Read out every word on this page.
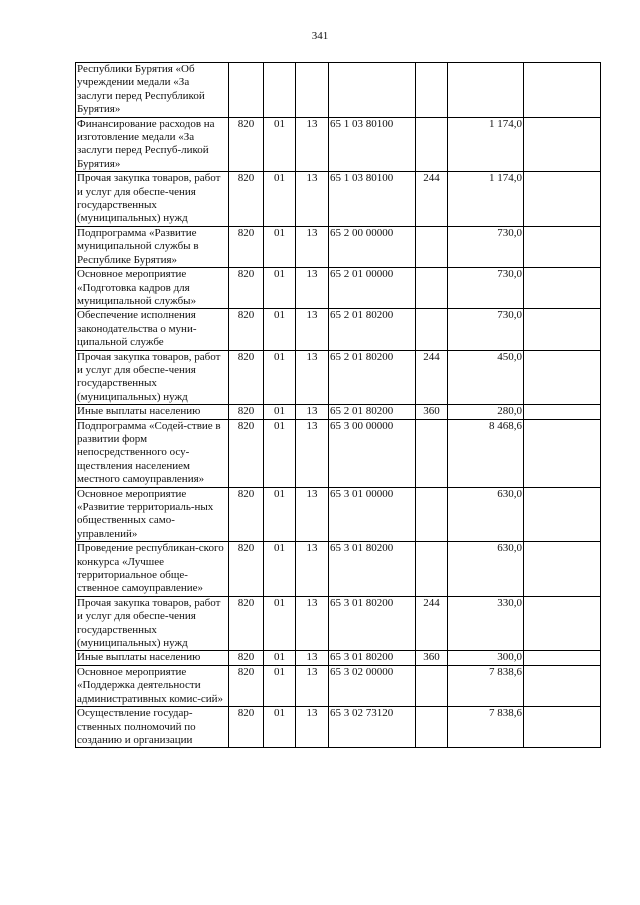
341
Республики Бурятия «Об учреждении медали «За заслуги перед Республикой Бурятия»							
Финансирование расходов на изготовление медали «За заслуги перед Респуб-ликой Бурятия»	820	01	13	65 1 03 80100		1 174,0	
Прочая закупка товаров, работ и услуг для обеспе-чения государственных (муниципальных) нужд	820	01	13	65 1 03 80100	244	1 174,0	
Подпрограмма «Развитие муниципальной службы в Республике Бурятия»	820	01	13	65 2 00 00000		730,0	
Основное мероприятие «Подготовка кадров для муниципальной службы»	820	01	13	65 2 01 00000		730,0	
Обеспечение исполнения законодательства о муни-ципальной службе	820	01	13	65 2 01 80200		730,0	
Прочая закупка товаров, работ и услуг для обеспе-чения государственных (муниципальных) нужд	820	01	13	65 2 01 80200	244	450,0	
Иные выплаты населению	820	01	13	65 2 01 80200	360	280,0	
Подпрограмма «Содей-ствие в развитии форм непосредственного осу-ществления населением местного самоуправления»	820	01	13	65 3 00 00000		8 468,6	
Основное мероприятие «Развитие территориаль-ных общественных само-управлений»	820	01	13	65 3 01 00000		630,0	
Проведение республикан-ского конкурса «Лучшее территориальное обще-ственное самоуправление»	820	01	13	65 3 01 80200		630,0	
Прочая закупка товаров, работ и услуг для обеспе-чения государственных (муниципальных) нужд	820	01	13	65 3 01 80200	244	330,0	
Иные выплаты населению	820	01	13	65 3 01 80200	360	300,0	
Основное мероприятие «Поддержка деятельности административных комис-сий»	820	01	13	65 3 02 00000		7 838,6	
Осуществление государ-ственных полномочий по созданию и организации	820	01	13	65 3 02 73120		7 838,6	
